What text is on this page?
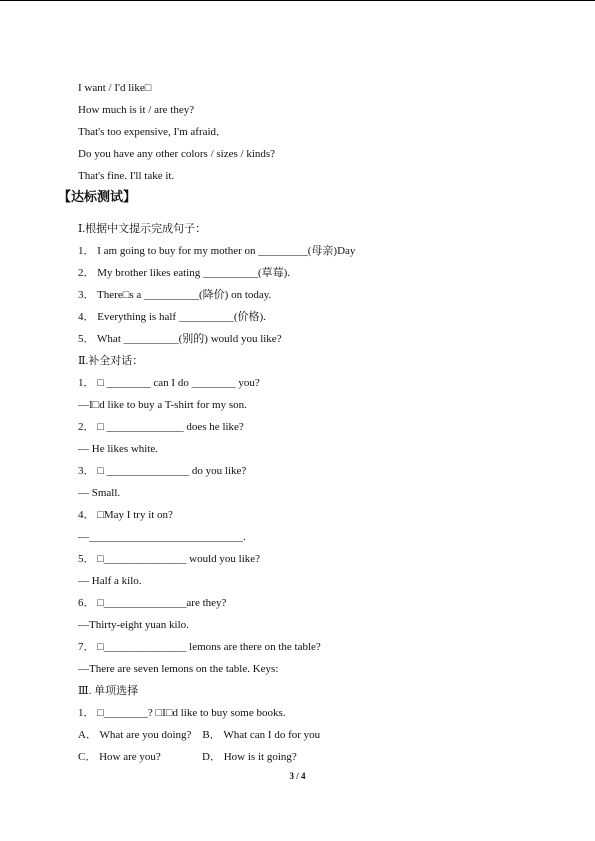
I want / I'd like□
How much is it / are they?
That's too expensive, I'm afraid．
Do you have any other colors / sizes / kinds?
That's fine. I'll take it.
【达标测试】
Ⅰ.根据中文提示完成句子：
1． I am going to buy for my mother on _________(母亲)Day
2． My brother likes eating __________(草莓).
3． There□s a __________(降价) on today.
4． Everything is half __________(价格).
5． What __________(别的) would you like?
Ⅱ.补全对话：
1． □ ________ can I do ________ you?
—I□d like to buy a T-shirt for my son.
2． □ ______________ does he like?
— He likes white.
3． □ _______________ do you like?
— Small.
4． □May I try it on?
—____________________________.
5． □_______________ would you like?
— Half a kilo.
6． □_______________are they?
—Thirty-eight yuan kilo.
7． □_______________ lemons are there on the table?
—There are seven lemons on the table. Keys:
Ⅲ. 单项选择
1． □________? □I□d like to buy some books.
A． What are you doing?    B． What can I do for you
C． How are you?               D． How is it going?
3 / 4
